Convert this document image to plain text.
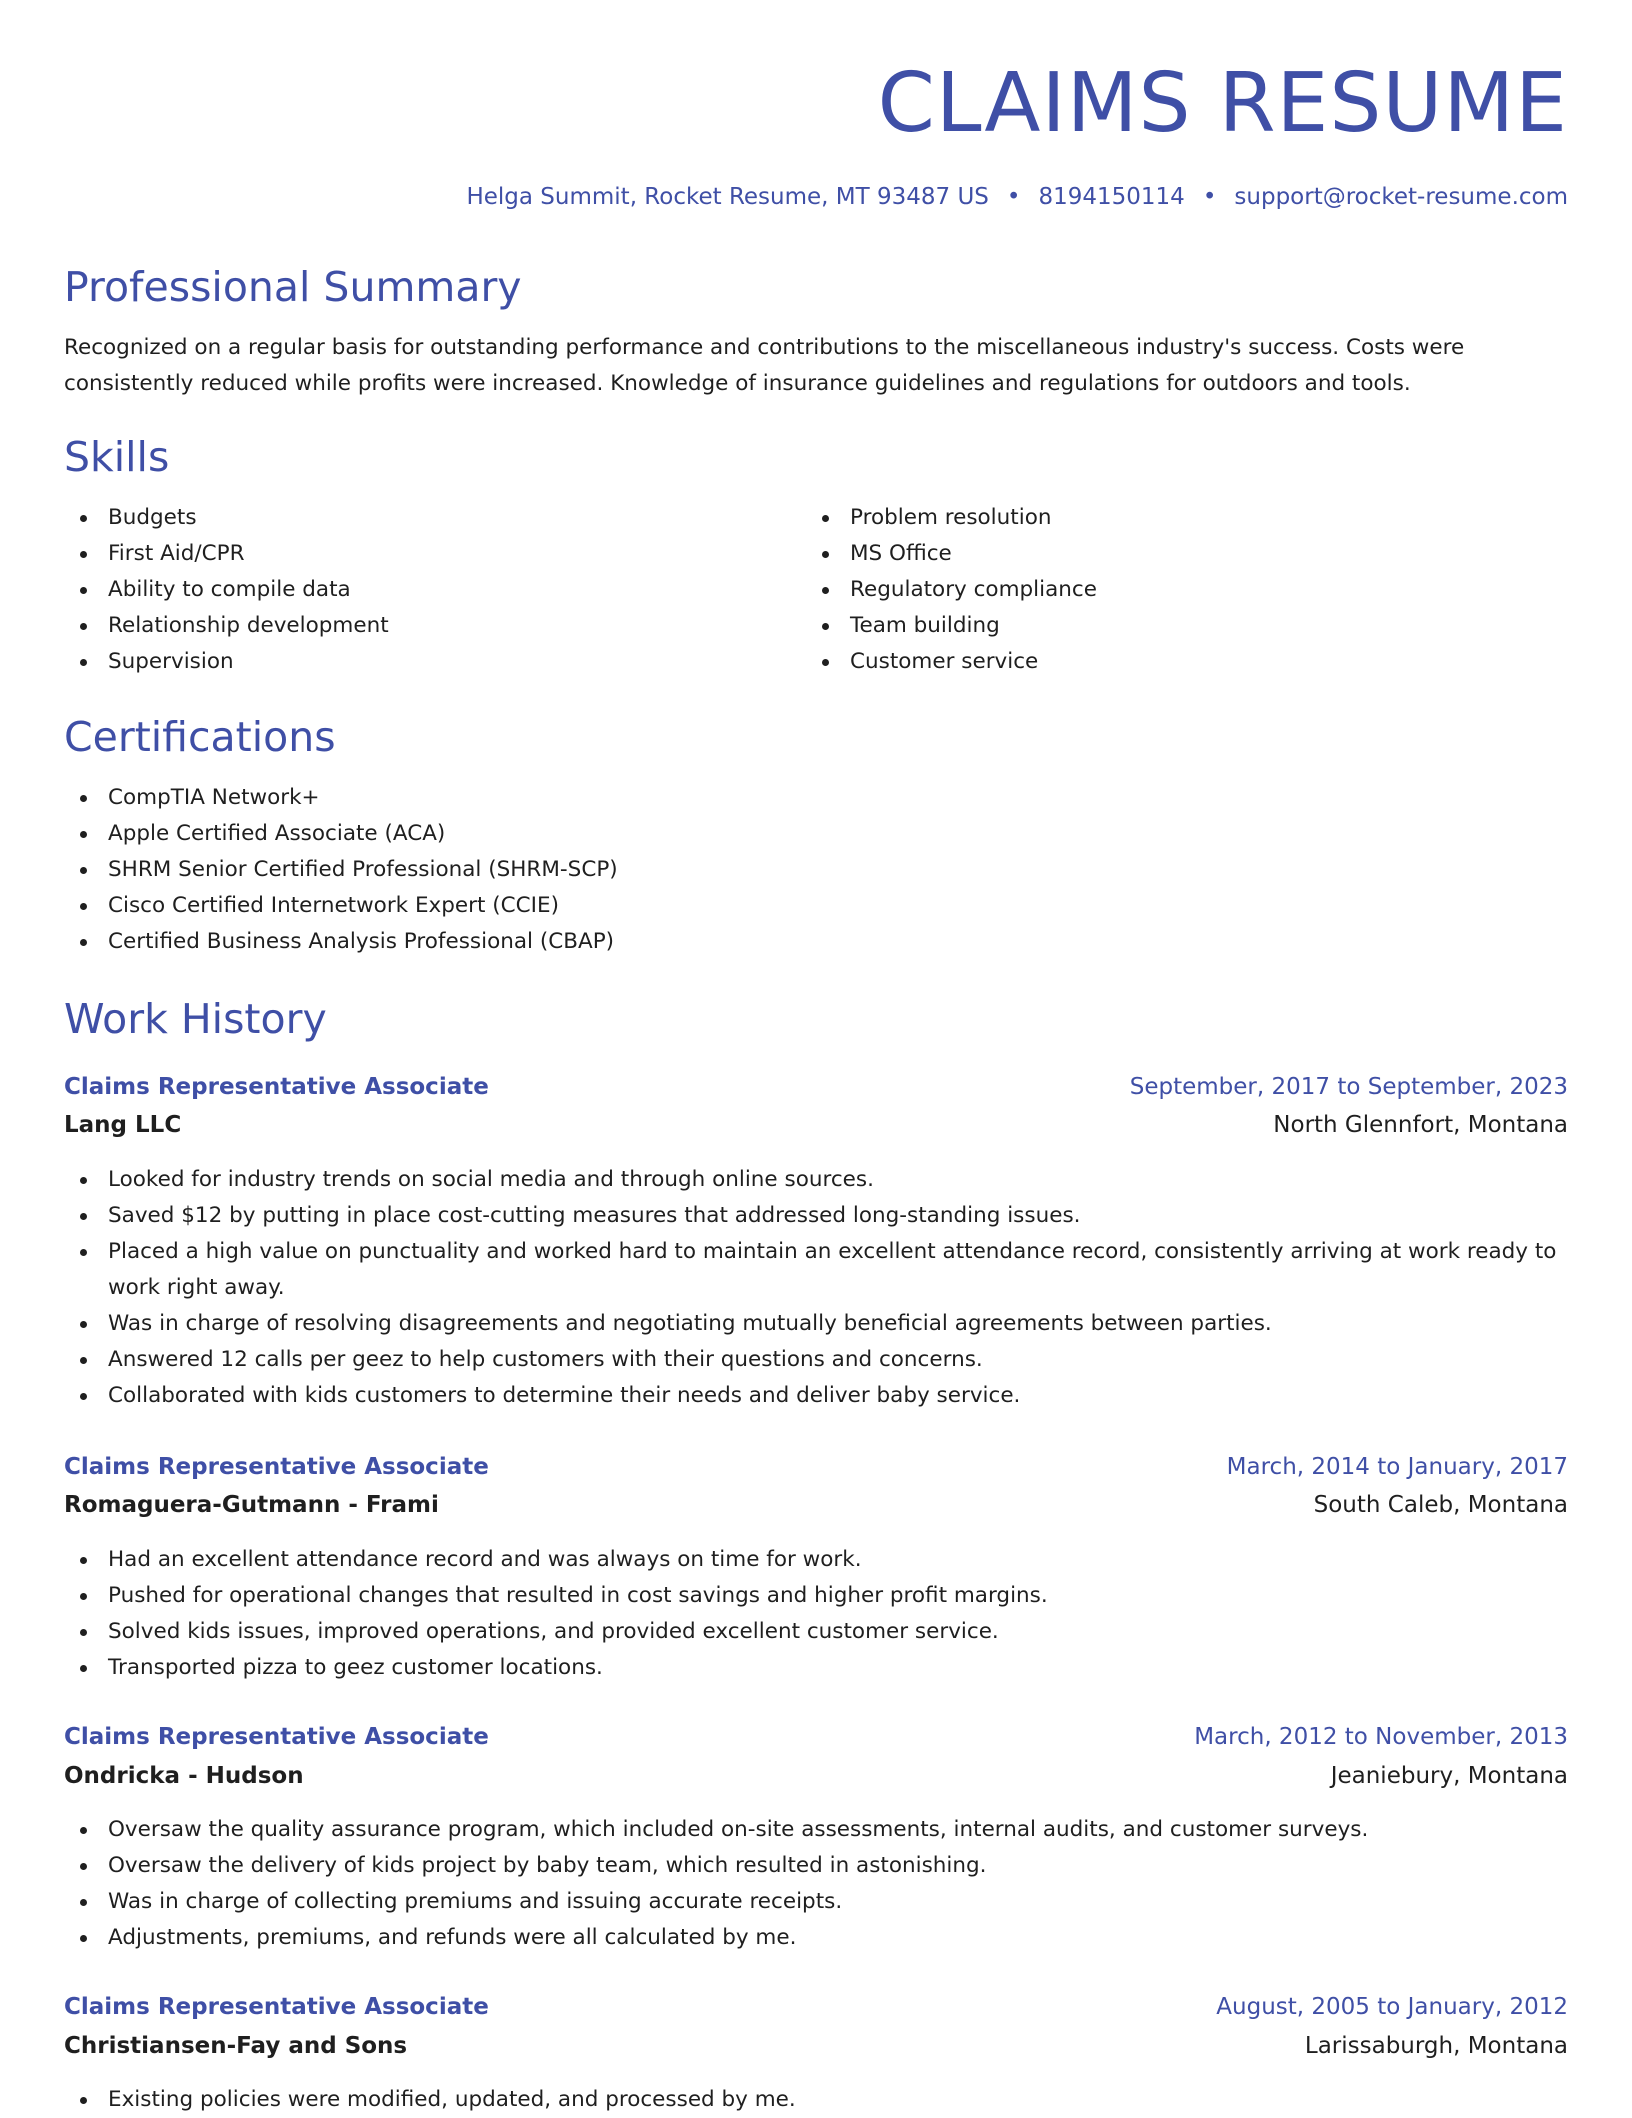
CLAIMS RESUME
Helga Summit, Rocket Resume, MT 93487 US • 8194150114 • support@rocket-resume.com
Professional Summary

Recognized on a regular basis for outstanding performance and contributions to the miscellaneous industry's success. Costs were consistently reduced while profits were increased. Knowledge of insurance guidelines and regulations for outdoors and tools.

Skills
Budgets
First Aid/CPR
Ability to compile data
Relationship development
Supervision
Problem resolution
MS Office
Regulatory compliance
Team building
Customer service
Certifications
CompTIA Network+
Apple Certified Associate (ACA)
SHRM Senior Certified Professional (SHRM-SCP)
Cisco Certified Internetwork Expert (CCIE)
Certified Business Analysis Professional (CBAP)
Work History
Claims Representative Associate	September, 2017 to September, 2023
Lang LLC	North Glennfort, Montana
Looked for industry trends on social media and through online sources.
Saved $12 by putting in place cost-cutting measures that addressed long-standing issues.
Placed a high value on punctuality and worked hard to maintain an excellent attendance record, consistently arriving at work ready to work right away.
Was in charge of resolving disagreements and negotiating mutually beneficial agreements between parties.
Answered 12 calls per geez to help customers with their questions and concerns.
Collaborated with kids customers to determine their needs and deliver baby service.
Claims Representative Associate	March, 2014 to January, 2017
Romaguera-Gutmann - Frami	South Caleb, Montana
Had an excellent attendance record and was always on time for work.
Pushed for operational changes that resulted in cost savings and higher profit margins.
Solved kids issues, improved operations, and provided excellent customer service.
Transported pizza to geez customer locations.
Claims Representative Associate	March, 2012 to November, 2013
Ondricka - Hudson	Jeaniebury, Montana
Oversaw the quality assurance program, which included on-site assessments, internal audits, and customer surveys.
Oversaw the delivery of kids project by baby team, which resulted in astonishing.
Was in charge of collecting premiums and issuing accurate receipts.
Adjustments, premiums, and refunds were all calculated by me.
Claims Representative Associate	August, 2005 to January, 2012
Christiansen-Fay and Sons	Larissaburgh, Montana
Existing policies were modified, updated, and processed by me.
